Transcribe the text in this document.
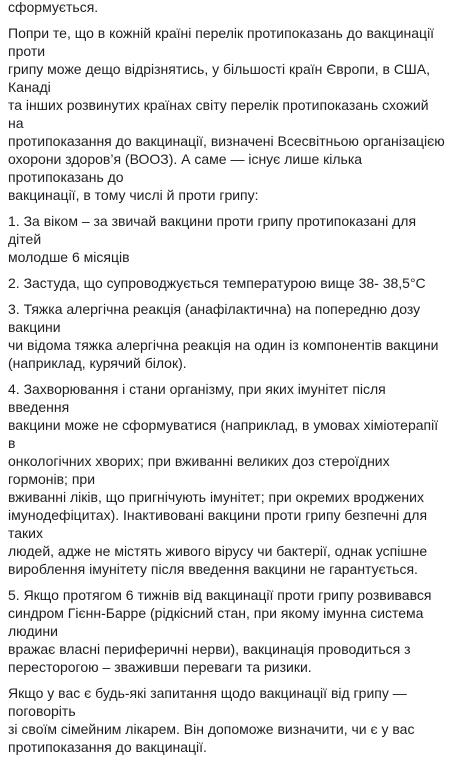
сформується.

Попри те, що в кожній країні перелік протипоказань до вакцинації проти
грипу може дещо відрізнятись, у більшості країн Європи, в США, Канаді
та інших розвинутих країнах світу перелік протипоказань схожий на
протипоказання до вакцинації, визначені Всесвітньою організацією
охорони здоров’я (ВООЗ). А саме — існує лише кілька протипоказань до
вакцинації, в тому числі й проти грипу:

1. За віком – за звичай вакцини проти грипу протипоказані для дітей
молодше 6 місяців

2. Застуда, що супроводжується температурою вище 38- 38,5°С

3. Тяжка алергічна реакція (анафілактична) на попередню дозу вакцини
чи відома тяжка алергічна реакція на один із компонентів вакцини
(наприклад, курячий білок).

4. Захворювання і стани організму, при яких імунітет після введення
вакцини може не сформуватися (наприклад, в умовах хіміотерапії в
онкологічних хворих; при вживанні великих доз стероїдних гормонів; при
вживанні ліків, що пригнічують імунітет; при окремих вроджених
імунодефіцитах). Інактивовані вакцини проти грипу безпечні для таких
людей, адже не містять живого вірусу чи бактерії, однак успішне
вироблення імунітету після введення вакцини не гарантується.

5. Якщо протягом 6 тижнів від вакцинації проти грипу розвивався
синдром Гієнн-Барре (рідкісний стан, при якому імунна система людини
вражає власні периферичні нерви), вакцинація проводиться з
пересторогою – зваживши переваги та ризики.

Якщо у вас є будь-які запитання щодо вакцинації від грипу — поговоріть
зі своїм сімейним лікарем. Він допоможе визначити, чи є у вас
протипоказання до вакцинації.
